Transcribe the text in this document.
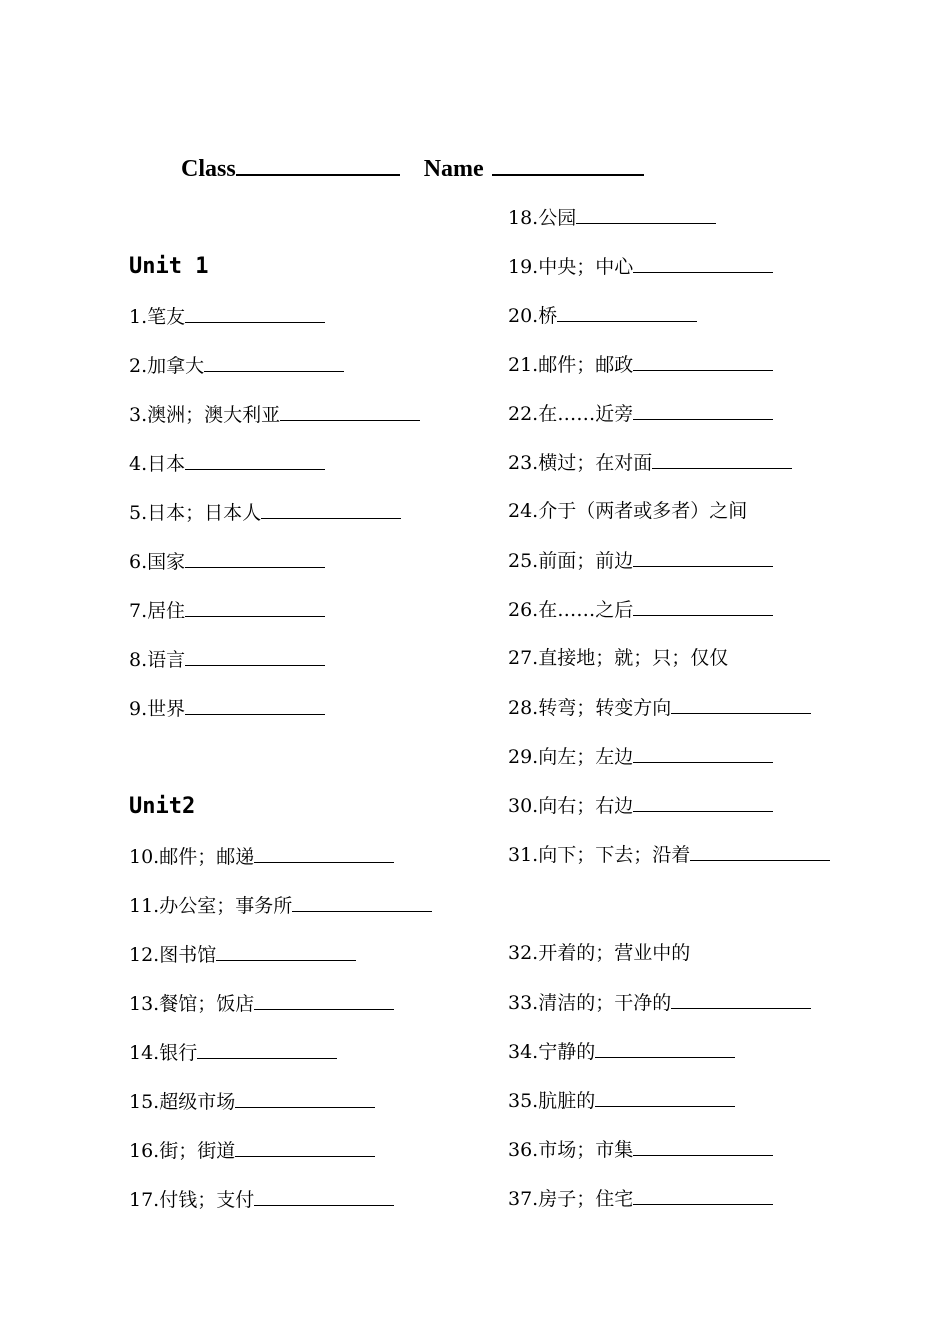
Class	Name
Unit 1
Unit2
1.笔友
2.加拿大
3.澳洲；澳大利亚
4.日本
5.日本；日本人
6.国家
7.居住
8.语言
9.世界
10.邮件；邮递
11.办公室；事务所
12.图书馆
13.餐馆；饭店
14.银行
15.超级市场
16.街；街道
17.付钱；支付
18.公园
19.中央；中心
20.桥
21.邮件；邮政
22.在……近旁
23.横过；在对面
24.介于（两者或多者）之间
25.前面；前边
26.在……之后
27.直接地；就；只；仅仅
28.转弯；转变方向
29.向左；左边
30.向右；右边
31.向下；下去；沿着
32.开着的；营业中的
33.清洁的；干净的
34.宁静的
35.肮脏的
36.市场；市集
37.房子；住宅
